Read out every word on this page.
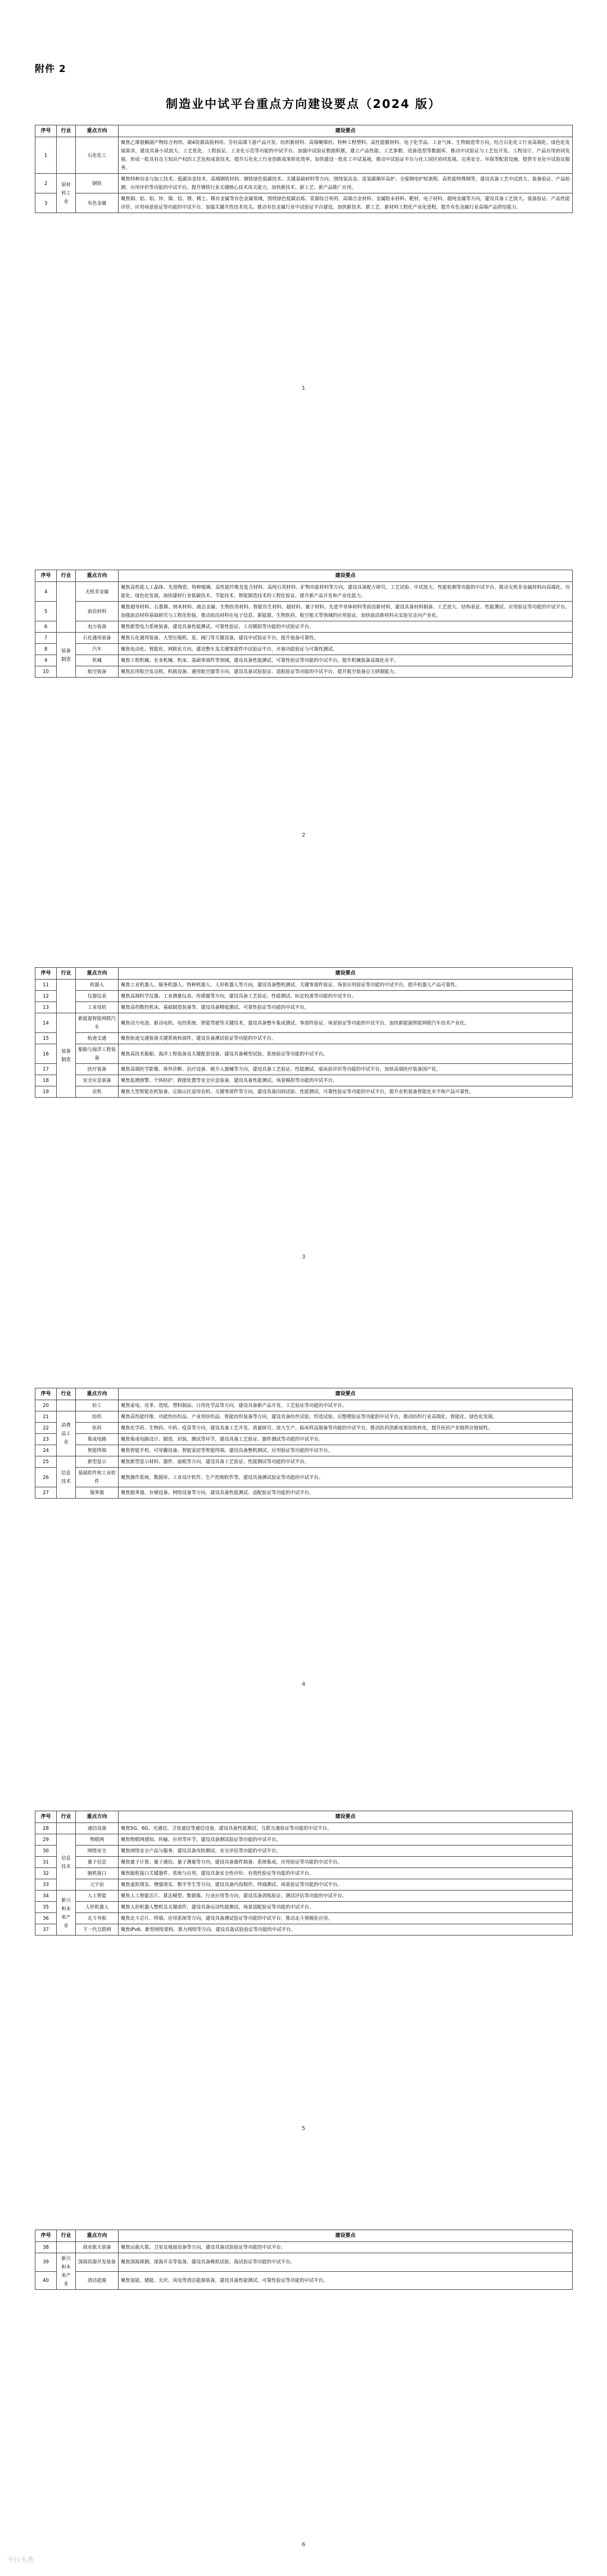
附件 2
制造业中试平台重点方向建设要点（2024 版）
序号	行业	重点方向	建设要点
1		石化化工	聚焦乙烯裂解副产物综合利用、碳4资源高值利用、芳烃高端下游产品开发、纺织新材料、高端聚烯烃、特种工程塑料、高性能膜材料、电子化学品、工业气体、生物制造等方向，结合石化化工行业高端化、绿色化发展需求，建设具备小试放大、工艺优化、工程验证、工业化示范等功能的中试平台。加强中试验证数据积累，建立产品性能、工艺参数、设备选型等数据库，推动中试验证与工艺包开发、工程设计、产品应用协同发展，形成一批具有自主知识产权的工艺包和成套技术，提升石化化工行业创新成果转化效率。加快建设一批化工中试基地，推动中试验证平台与化工园区协同发展，完善安全、环保等配套设施，提供专业化中试验证服务。
2	原材料工业	钢铁	聚焦特种冶金与加工技术、低碳冶金技术、高端钢铁材料、钢铁绿色低碳技术、关键基础材料等方向，围绕氢冶金、富氢碳循环高炉、全废钢电炉短流程、高性能特殊钢等，建设具备工艺中试放大、装备验证、产品检测、应用评价等功能的中试平台。提升钢铁行业关键核心技术攻关能力，加快新技术、新工艺、新产品推广应用。
3		有色金属	聚焦铜、铝、铅、锌、镍、钴、锂、稀土、稀有金属等有色金属领域，围绕绿色低碳冶炼、资源综合利用、高端合金材料、金属粉末材料、靶材、电子材料、超纯金属等方向，建设具备工艺放大、装备验证、产品性能评价、应用场景验证等功能的中试平台，加强关键共性技术攻关。推动有色金属行业中试验证平台建设，加快新技术、新工艺、新材料工程化产业化进程，提升有色金属行业高端产品供给能力。
1
序号	行业	重点方向	建设要点
4		无机非金属	聚焦高性能人工晶体、先进陶瓷、特种玻璃、高性能纤维及复合材料、高纯石英材料、矿物功能材料等方向，建设具备配方研究、工艺试验、中试放大、性能检测等功能的中试平台。推动无机非金属材料向高端化、功能化、绿色化发展，加快建材行业低碳技术、节能技术、智能制造技术的工程化验证，提升新产品开发和产业化能力。
5		前沿材料	聚焦超导材料、石墨烯、纳米材料、液态金属、生物医用材料、智能仿生材料、超材料、量子材料、先进半导体材料等前沿新材料，建设具备材料制备、工艺放大、结构表征、性能测试、应用验证等功能的中试平台。加强前沿材料基础研究与工程化衔接，推动前沿材料在电子信息、新能源、生物医药、航空航天等领域的应用验证，加快前沿新材料从实验室走向产业化。
6		电力装备	聚焦新型电力系统装备，建设具备性能测试、可靠性验证、工况模拟等功能的中试验证平台。
7	装备制造	石化通用装备	聚焦石化通用装备、大型压缩机、泵、阀门等关键设备，建设中试验证平台，提升装备可靠性。
8		汽车	聚焦电动化、智能化、网联化方向，建设整车及关键零部件中试验证平台，开展功能验证与可靠性测试。
9		机械	聚焦工程机械、农业机械、机床、基础零部件等领域，建设具备性能测试、可靠性验证等功能的中试平台，提升机械装备高端化水平。
10		航空装备	聚焦民用航空发动机、机载设备、通用航空器等方向，建设具备试验验证、适航验证等功能的中试平台，提升航空装备自主研制能力。
2
序号	行业	重点方向	建设要点
11		机器人	聚焦工业机器人、服务机器人、特种机器人、人形机器人等方向，建设具备整机测试、关键零部件验证、场景应用验证等功能的中试平台，提升机器人产品可靠性。
12		仪器仪表	聚焦高端科学仪器、工业测量仪表、传感器等方向，建设具备工艺验证、性能测试、标定校准等功能的中试平台。
13		工业母机	聚焦高档数控机床、基础制造装备等，建设具备精度测试、可靠性验证等功能的中试平台。
14	装备制造	新能源智能网联汽车	聚焦动力电池、驱动电机、电控系统、智能驾驶等关键技术，建设具备整车集成测试、零部件验证、场景验证等功能的中试平台，加快新能源智能网联汽车技术产业化。
15		轨道交通	聚焦轨道交通装备关键系统和部件，建设具备测试验证等功能的中试平台。
16		船舶与海洋工程装备	聚焦高技术船舶、海洋工程装备及关键配套设备，建设具备模型试验、系统验证等功能的中试平台。
17		医疗装备	聚焦高端医学影像、体外诊断、治疗设备、植介入器械等方向，建设具备工艺验证、性能测试、临床前评价等功能的中试平台，加快高端医疗装备国产化。
18		安全应急装备	聚焦监测预警、个体防护、救援处置等安全应急装备，建设具备性能测试、场景模拟等功能的中试平台。
19		农机	聚焦大型智能农机装备、丘陵山区适用农机、关键零部件等方向，建设具备田间试验、性能测试、可靠性验证等功能的中试平台，提升农机装备智能化水平和产品可靠性。
3
序号	行业	重点方向	建设要点
20		轻工	聚焦家电、皮革、造纸、塑料制品、日用化学品等方向，建设具备新产品开发、工艺验证等功能的中试平台。
21	消费品工业	纺织	聚焦高性能纤维、功能性纺织品、产业用纺织品、智能纺织装备等方向，建设具备纺丝试验、织造试验、后整理验证等功能的中试平台，推动纺织行业高端化、智能化、绿色化发展。
22		医药	聚焦化学药、生物药、中药、疫苗等方向，建设具备工艺开发、质量研究、放大生产、临床样品制备等功能的中试平台，推动医药创新成果加快转化，提升医药产业链供应链韧性。
23		集成电路	聚焦集成电路设计、制造、封装、测试等环节，建设具备工艺验证、器件测试等功能的中试平台。
24		智能终端	聚焦智能手机、可穿戴设备、智能家居等智能终端，建设具备整机测试、应用验证等功能的中试平台。
25	信息技术	新型显示	聚焦新型显示材料、器件、面板等方向，建设具备工艺验证、性能测试等功能的中试平台。
26		基础软件和工业软件	聚焦操作系统、数据库、工业设计软件、生产控制软件等，建设具备测试验证等功能的中试平台。
27		服务器	聚焦服务器、存储设备、网络设备等方向，建设具备性能测试、适配验证等功能的中试平台。
4
序号	行业	重点方向	建设要点
28		通信设备	聚焦5G、6G、光通信、卫星通信等通信设备，建设具备性能测试、互联互通验证等功能的中试平台。
29	信息技术	物联网	聚焦物联网感知、传输、应用等环节，建设具备测试验证等功能的中试平台。
30		网络安全	聚焦网络安全产品与服务，建设具备攻防测试、安全评估等功能的中试平台。
31		量子信息	聚焦量子计算、量子通信、量子测量等方向，建设具备器件制备、系统集成、应用验证等功能的中试平台。
32		脑机接口	聚焦脑机接口关键器件、系统与应用，建设具备安全性评价、有效性验证等功能的中试平台。
33		元宇宙	聚焦虚拟现实、增强现实、数字孪生等方向，建设具备内容制作、终端测试、场景验证等功能的中试平台。
34	新兴和未来产业	人工智能	聚焦人工智能芯片、算法模型、数据集、行业应用等方向，建设具备训练验证、测试评估等功能的中试平台。
35		人形机器人	聚焦人形机器人整机及关键部件，建设具备运动性能测试、场景适配验证等功能的中试平台。
36		北斗导航	聚焦北斗芯片、终端、应用系统等方向，建设具备测试验证等功能的中试平台，推动北斗规模化应用。
37		下一代互联网	聚焦IPv6、新型网络架构、算力网络等方向，建设具备试验验证等功能的中试平台。
5
序号	行业	重点方向	建设要点
38		商业航天装备	聚焦运载火箭、卫星及地面设备等方向，建设具备试验验证等功能的中试平台。
39	新兴和未来产业	深海资源开发装备	聚焦深海探测、深海开采等装备，建设具备模拟试验、海试验证等功能的中试平台。
40		清洁能源	聚焦氢能、储能、光伏、风电等清洁能源装备，建设具备性能测试、可靠性验证等功能的中试平台。
6
今日头条
